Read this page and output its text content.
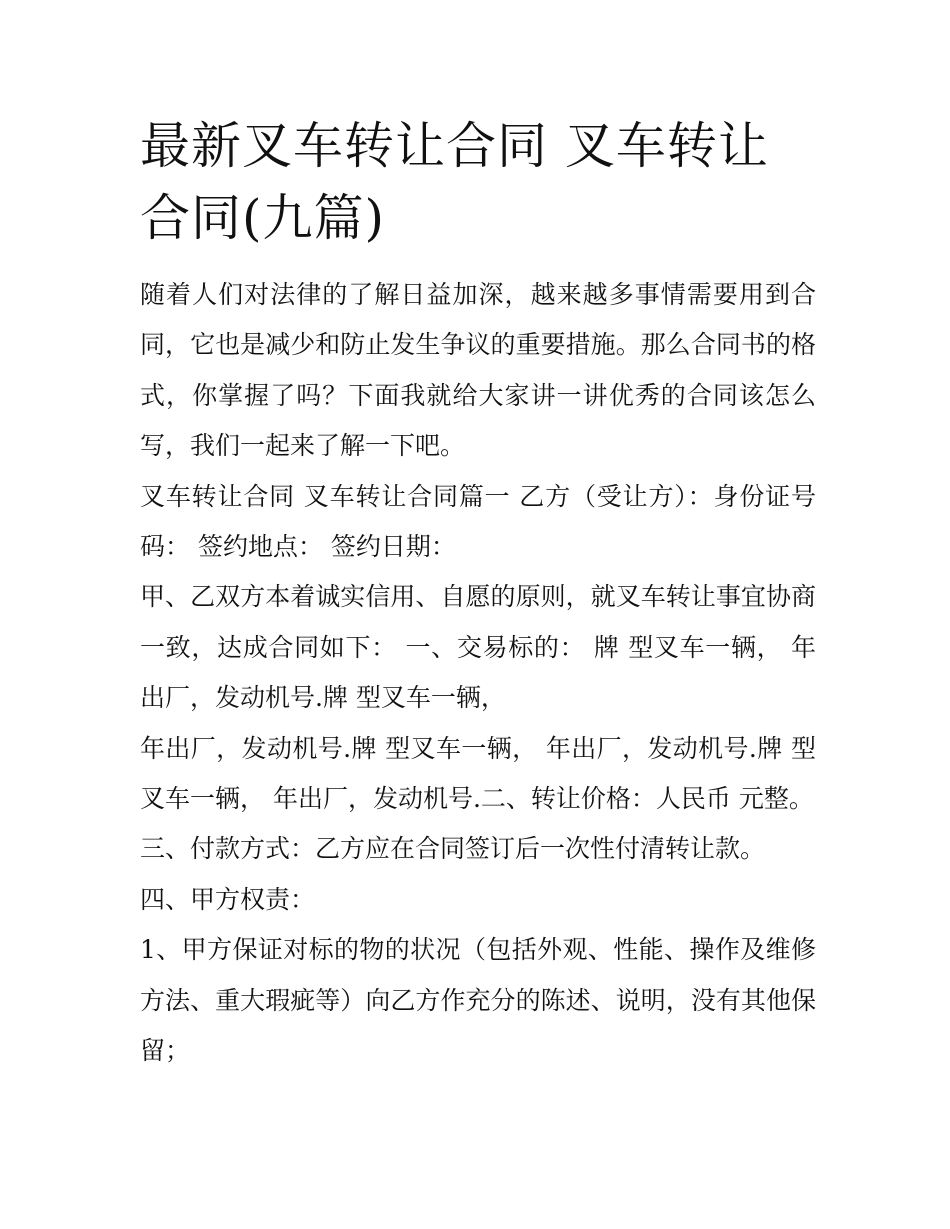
最新叉车转让合同 叉车转让合同(九篇)

随着人们对法律的了解日益加深，越来越多事情需要用到合同，它也是减少和防止发生争议的重要措施。那么合同书的格式，你掌握了吗？下面我就给大家讲一讲优秀的合同该怎么写，我们一起来了解一下吧。

叉车转让合同 叉车转让合同篇一 乙方（受让方）：身份证号码： 签约地点： 签约日期：

甲、乙双方本着诚实信用、自愿的原则，就叉车转让事宜协商一致，达成合同如下： 一、交易标的： 牌 型叉车一辆， 年出厂，发动机号.牌 型叉车一辆，

年出厂，发动机号.牌 型叉车一辆， 年出厂，发动机号.牌 型叉车一辆， 年出厂，发动机号.二、转让价格：人民币 元整。

三、付款方式：乙方应在合同签订后一次性付清转让款。

四、甲方权责：

1、甲方保证对标的物的状况（包括外观、性能、操作及维修方法、重大瑕疵等）向乙方作充分的陈述、说明，没有其他保留；
